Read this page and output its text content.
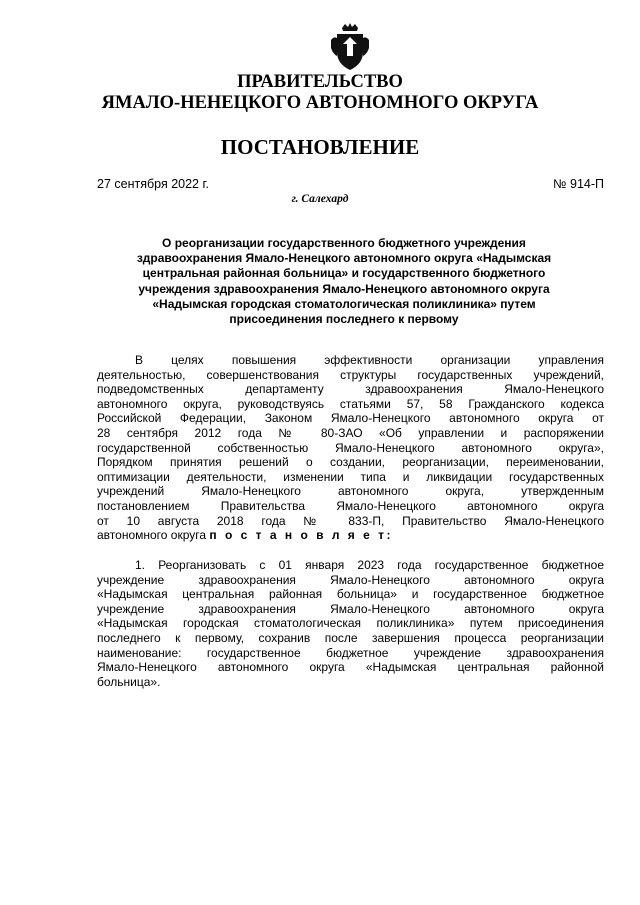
ПРАВИТЕЛЬСТВО
ЯМАЛО-НЕНЕЦКОГО АВТОНОМНОГО ОКРУГА
ПОСТАНОВЛЕНИЕ
27 сентября 2022 г.	№ 914-П
г. Салехард
О реорганизации государственного бюджетного учреждения
здравоохранения Ямало-Ненецкого автономного округа «Надымская
центральная районная больница» и государственного бюджетного
учреждения здравоохранения Ямало-Ненецкого автономного округа
«Надымская городская стоматологическая поликлиника» путем
присоединения последнего к первому
В целях повышения эффективности организации управления
деятельностью, совершенствования структуры государственных учреждений,
подведомственных департаменту здравоохранения Ямало-Ненецкого
автономного округа, руководствуясь статьями 57, 58 Гражданского кодекса
Российской Федерации, Законом Ямало-Ненецкого автономного округа от
28 сентября 2012 года № 80-ЗАО «Об управлении и распоряжении
государственной собственностью Ямало-Ненецкого автономного округа»,
Порядком принятия решений о создании, реорганизации, переименовании,
оптимизации деятельности, изменении типа и ликвидации государственных
учреждений Ямало-Ненецкого автономного округа, утвержденным
постановлением Правительства Ямало-Ненецкого автономного округа
от 10 августа 2018 года № 833-П, Правительство Ямало-Ненецкого
автономного округа п о с т а н о в л я е т:
1. Реорганизовать с 01 января 2023 года государственное бюджетное
учреждение здравоохранения Ямало-Ненецкого автономного округа
«Надымская центральная районная больница» и государственное бюджетное
учреждение здравоохранения Ямало-Ненецкого автономного округа
«Надымская городская стоматологическая поликлиника» путем присоединения
последнего к первому, сохранив после завершения процесса реорганизации
наименование: государственное бюджетное учреждение здравоохранения
Ямало-Ненецкого автономного округа «Надымская центральная районной
больница».
